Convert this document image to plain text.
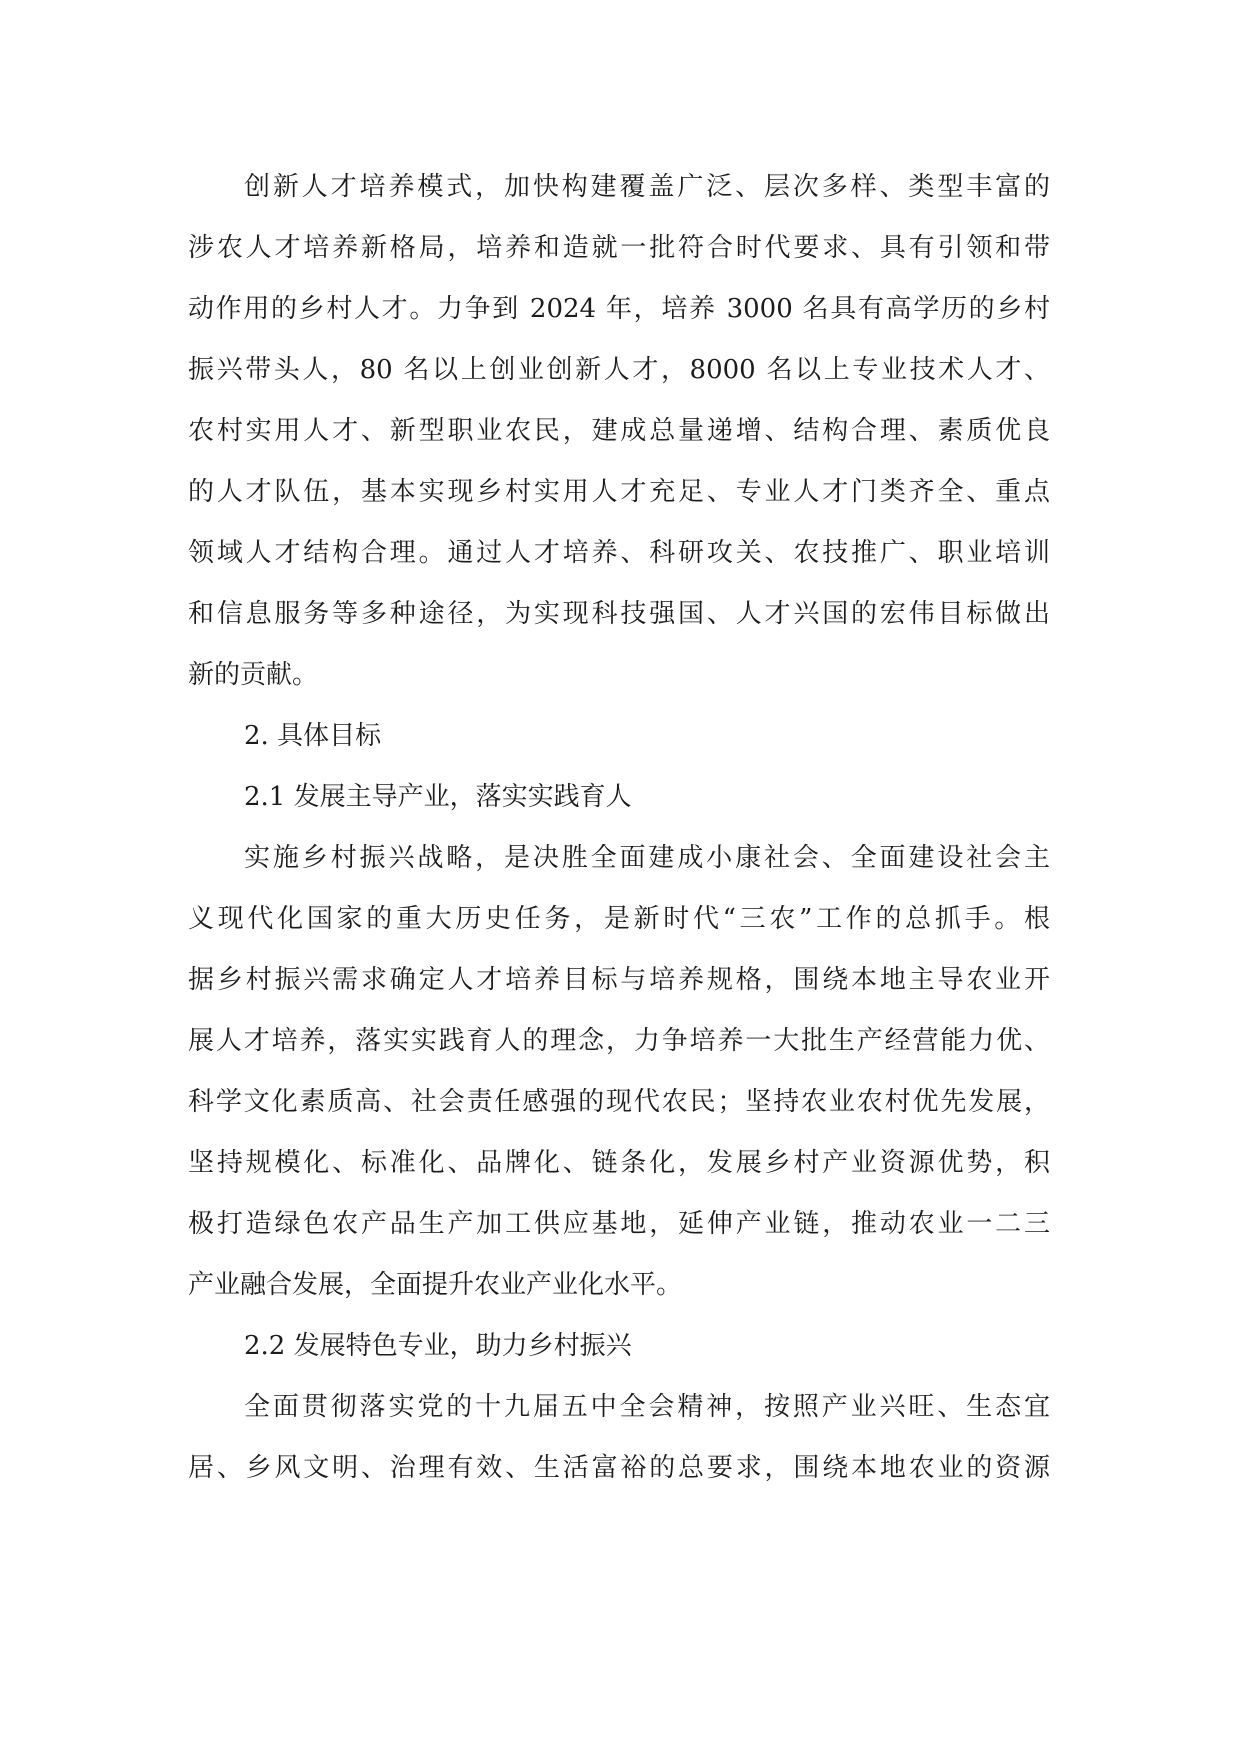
创新人才培养模式，加快构建覆盖广泛、层次多样、类型丰富的
涉农人才培养新格局，培养和造就一批符合时代要求、具有引领和带
动作用的乡村人才。力争到 2024 年，培养 3000 名具有高学历的乡村
振兴带头人，80 名以上创业创新人才，8000 名以上专业技术人才、
农村实用人才、新型职业农民，建成总量递增、结构合理、素质优良
的人才队伍，基本实现乡村实用人才充足、专业人才门类齐全、重点
领域人才结构合理。通过人才培养、科研攻关、农技推广、职业培训
和信息服务等多种途径，为实现科技强国、人才兴国的宏伟目标做出
新的贡献。
2. 具体目标
2.1 发展主导产业，落实实践育人
实施乡村振兴战略，是决胜全面建成小康社会、全面建设社会主
义现代化国家的重大历史任务，是新时代“三农”工作的总抓手。根
据乡村振兴需求确定人才培养目标与培养规格，围绕本地主导农业开
展人才培养，落实实践育人的理念，力争培养一大批生产经营能力优、
科学文化素质高、社会责任感强的现代农民；坚持农业农村优先发展，
坚持规模化、标准化、品牌化、链条化，发展乡村产业资源优势，积
极打造绿色农产品生产加工供应基地，延伸产业链，推动农业一二三
产业融合发展，全面提升农业产业化水平。
2.2 发展特色专业，助力乡村振兴
全面贯彻落实党的十九届五中全会精神，按照产业兴旺、生态宜
居、乡风文明、治理有效、生活富裕的总要求，围绕本地农业的资源
